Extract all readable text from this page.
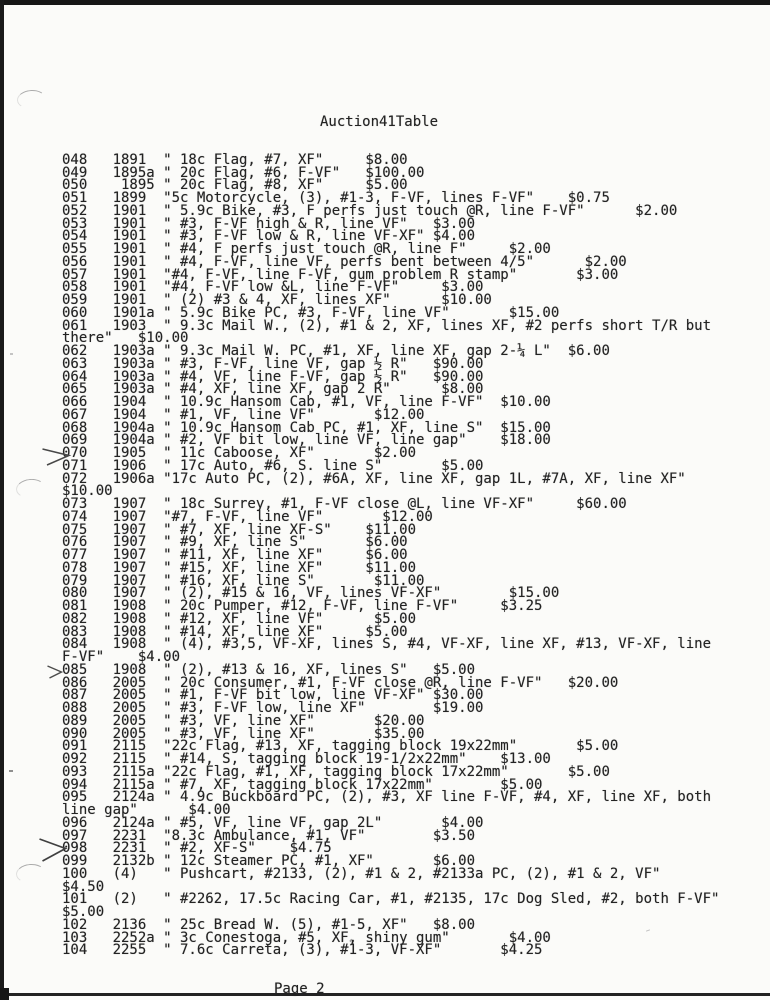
Auction41Table

048   1891  " 18c Flag, #7, XF"     $8.00
049   1895a " 20c Flag, #6, F-VF"   $100.00
050    1895 " 20c Flag, #8, XF"     $5.00
051   1899  "5c Motorcycle, (3), #1-3, F-VF, lines F-VF"    $0.75
052   1901  " 5.9c Bike, #3, F perfs just touch @R, line F-VF"      $2.00
053   1901  " #3, F-VF high & R, line VF"   $3.00
054   1901  " #3, F-VF low & R, line VF-XF" $4.00
055   1901  " #4, F perfs just touch @R, line F"     $2.00
056   1901  " #4, F-VF, line VF, perfs bent between 4/5"      $2.00
057   1901  "#4, F-VF, line F-VF, gum problem R stamp"       $3.00
058   1901  "#4, F-VF low &L, line F-VF"     $3.00
059   1901  " (2) #3 & 4, XF, lines XF"      $10.00
060   1901a " 5.9c Bike PC, #3, F-VF, line VF"       $15.00
061   1903  " 9.3c Mail W., (2), #1 & 2, XF, lines XF, #2 perfs short T/R but
there"   $10.00
062   1903a " 9.3c Mail W. PC, #1, XF, line XF, gap 2-¼ L"  $6.00
063   1903a " #3, F-VF, line VF, gap ½ R"   $90.00
064   1903a " #4, VF, line F-VF, gap ½ R"   $90.00
065   1903a " #4, XF, line XF, gap 2 R"      $8.00
066   1904  " 10.9c Hansom Cab, #1, VF, line F-VF"  $10.00
067   1904  " #1, VF, line VF"       $12.00
068   1904a " 10.9c Hansom Cab PC, #1, XF, line S"  $15.00
069   1904a " #2, VF bit low, line VF, line gap"    $18.00
070   1905  " 11c Caboose, XF"       $2.00
071   1906  " 17c Auto, #6, S. line S"       $5.00
072   1906a "17c Auto PC, (2), #6A, XF, line XF, gap 1L, #7A, XF, line XF"
$10.00
073   1907  " 18c Surrey, #1, F-VF close @L, line VF-XF"     $60.00
074   1907  "#7, F-VF, line VF"       $12.00
075   1907  " #7, XF, line XF-S"    $11.00
076   1907  " #9, XF, line S"       $6.00
077   1907  " #11, XF, line XF"     $6.00
078   1907  " #15, XF, line XF"     $11.00
079   1907  " #16, XF, line S"       $11.00
080   1907  " (2), #15 & 16, VF, lines VF-XF"        $15.00
081   1908  " 20c Pumper, #12, F-VF, line F-VF"     $3.25
082   1908  " #12, XF, line VF"      $5.00
083   1908  " #14, XF, line XF"     $5.00
084   1908  " (4), #3,5, VF-XF, lines S, #4, VF-XF, line XF, #13, VF-XF, line
F-VF"    $4.00
085   1908  " (2), #13 & 16, XF, lines S"   $5.00
086   2005  " 20c Consumer, #1, F-VF close @R, line F-VF"   $20.00
087   2005  " #1, F-VF bit low, line VF-XF" $30.00
088   2005  " #3, F-VF low, line XF"        $19.00
089   2005  " #3, VF, line XF"       $20.00
090   2005  " #3, VF, line XF"       $35.00
091   2115  "22c Flag, #13, XF, tagging block 19x22mm"       $5.00
092   2115  " #14, S, tagging block 19-1/2x22mm"    $13.00
093   2115a "22c Flag, #1, XF, tagging block 17x22mm"       $5.00
094   2115a " #7, XF, tagging block 17x22mm"        $5.00
095   2124a " 4.9c Buckboard PC, (2), #3, XF line F-VF, #4, XF, line XF, both
line gap"      $4.00
096   2124a " #5, VF, line VF, gap 2L"       $4.00
097   2231  "8.3c Ambulance, #1, VF"        $3.50
098   2231  " #2, XF-S"    $4.75
099   2132b " 12c Steamer PC, #1, XF"       $6.00
100   (4)   " Pushcart, #2133, (2), #1 & 2, #2133a PC, (2), #1 & 2, VF"
$4.50
101   (2)   " #2262, 17.5c Racing Car, #1, #2135, 17c Dog Sled, #2, both F-VF"
$5.00
102   2136  " 25c Bread W. (5), #1-5, XF"   $8.00
103   2252a " 3c Conestoga, #5, XF, shiny gum"       $4.00
104   2255  " 7.6c Carreta, (3), #1-3, VF-XF"       $4.25

Page 2
